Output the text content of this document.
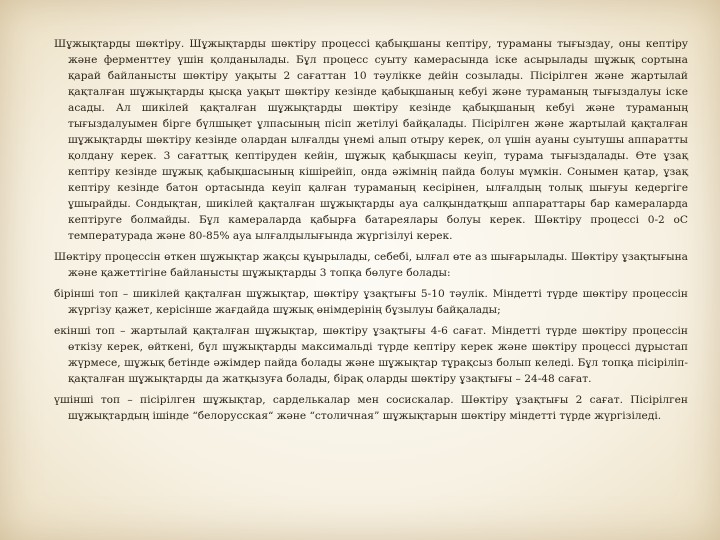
Шұжықтарды шөктіру. Шұжықтарды шөктіру процессі қабықшаны кептіру, тураманы тығыздау, оны кептіру және ферменттеу үшін қолданылады. Бұл процесс суыту камерасында іске асырылады шұжық сортына қарай байланысты шөктіру уақыты 2 сағаттан 10 тәулікке дейін созылады. Пісірілген және жартылай қақталған шұжықтарды қысқа уақыт шөктіру кезінде қабықшаның кебуі және тураманың тығыздалуы іске асады. Ал шикілей қақталған шұжықтарды шөктіру кезінде қабықшаның кебуі және тураманың тығыздалуымен бірге бүлшықет ұлпасының пісіп жетілуі байқалады. Пісірілген және жартылай қақталған шұжықтарды шөктіру кезінде олардан ылғалды үнемі алып отыру керек, ол үшін ауаны суытушы аппаратты қолдану керек. 3 сағаттық кептіруден кейін, шұжық қабықшасы кеуіп, турама тығыздалады. Өте ұзақ кептіру кезінде шұжық қабықшасының кішірейіп, онда әжімнің пайда болуы мүмкін. Сонымен қатар, ұзақ кептіру кезінде батон ортасында кеуіп қалған тураманың кесірінен, ылғалдың толық шығуы кедергіге ұшырайды. Сондықтан, шикілей қақталған шұжықтарды ауа салқындатқыш аппараттары бар камераларда кептіруге болмайды. Бұл камераларда қабырға батареялары болуы керек. Шөктіру процессі 0-2 оС температурада және 80-85% ауа ылғалдылығында жүргізілуі керек.

Шөктіру процессін өткен шұжықтар жақсы құырылады, себебі, ылғал өте аз шығарылады. Шөктіру ұзақтығына және қажеттігіне байланысты шұжықтарды 3 топқа бөлуге болады:

бірінші топ – шикілей қақталған шұжықтар, шөктіру ұзақтығы 5-10 тәулік. Міндетті түрде шөктіру процессін жүргізу қажет, керісінше жағдайда шұжық өнімдерінің бұзылуы байқалады;

екінші топ – жартылай қақталған шұжықтар, шөктіру ұзақтығы 4-6 сағат. Міндетті түрде шөктіру процессін өткізу керек, өйткені, бұл шұжықтарды максимальді түрде кептіру керек және шөктіру процессі дұрыстап жүрмесе, шұжық бетінде әжімдер пайда болады және шұжықтар тұрақсыз болып келеді. Бұл топқа пісірілiп-қақталған шұжықтарды да жатқызуға болады, бірақ оларды шөктіру ұзақтығы – 24-48 сағат.

үшінші топ – пісірілген шұжықтар, сарделькалар мен сосискалар. Шөктіру ұзақтығы 2 сағат. Пісірілген шұжықтардың ішінде “белорусская“ және “столичная” шұжықтарын шөктіру міндетті түрде жүргізіледі.
